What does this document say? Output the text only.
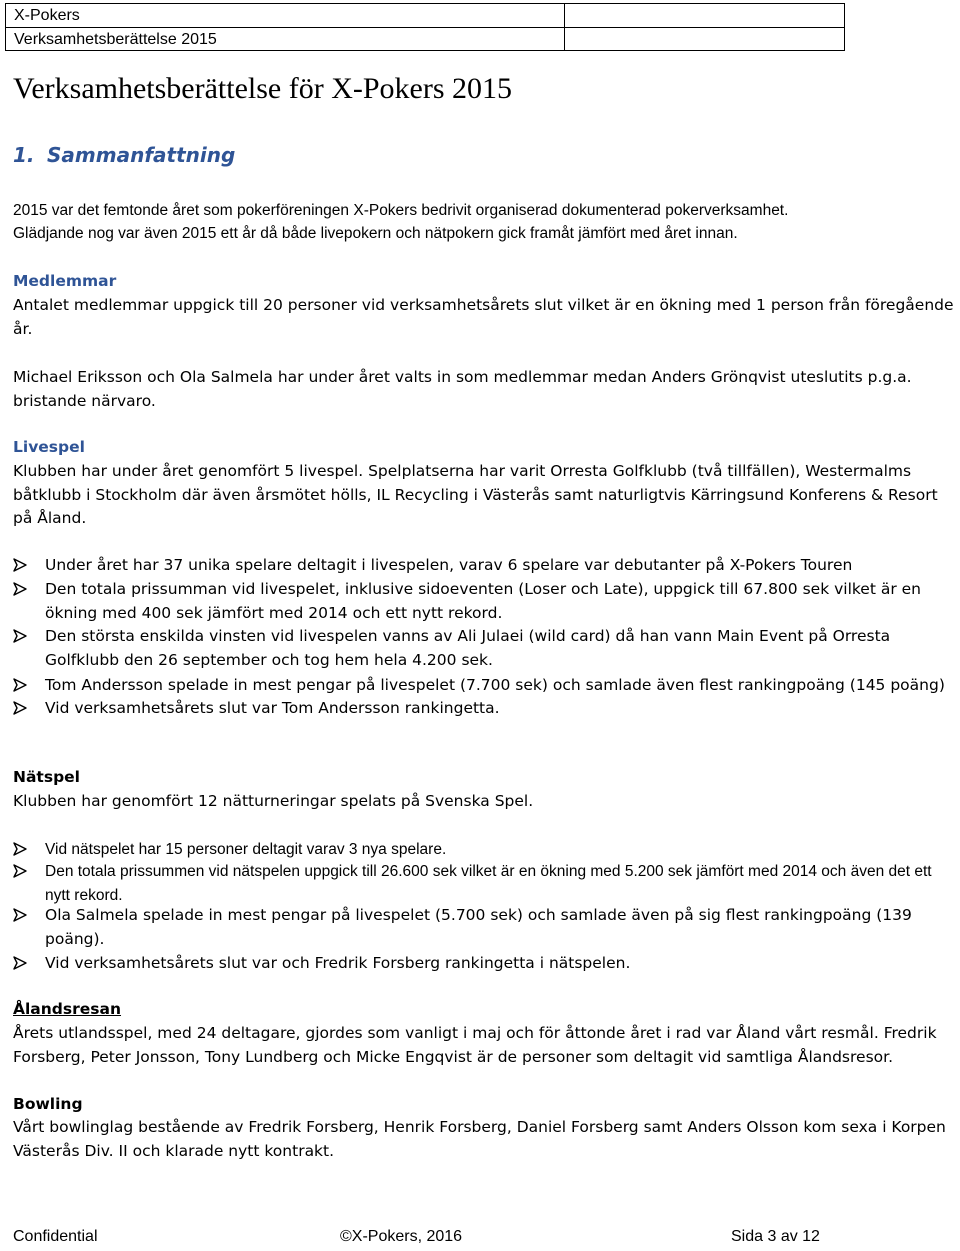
X-Pokers
Verksamhetsberättelse 2015
Verksamhetsberättelse för X-Pokers 2015
1. Sammanfattning
2015 var det femtonde året som pokerföreningen X-Pokers bedrivit organiserad dokumenterad pokerverksamhet.
Glädjande nog var även 2015 ett år då både livepokern och nätpokern gick framåt jämfört med året innan.
Medlemmar
Antalet medlemmar uppgick till 20 personer vid verksamhetsårets slut vilket är en ökning med 1 person från föregående år.
Michael Eriksson och Ola Salmela har under året valts in som medlemmar medan Anders Grönqvist uteslutits p.g.a. bristande närvaro.
Livespel
Klubben har under året genomfört 5 livespel. Spelplatserna har varit Orresta Golfklubb (två tillfällen), Westermalms båtklubb i Stockholm där även årsmötet hölls, IL Recycling i Västerås samt naturligtvis Kärringsund Konferens & Resort på Åland.
Under året har 37 unika spelare deltagit i livespelen, varav 6 spelare var debutanter på X-Pokers Touren
Den totala prissumman vid livespelet, inklusive sidoeventen (Loser och Late), uppgick till 67.800 sek vilket är en ökning med 400 sek jämfört med 2014 och ett nytt rekord.
Den största enskilda vinsten vid livespelen vanns av Ali Julaei (wild card) då han vann Main Event på Orresta Golfklubb den 26 september och tog hem hela 4.200 sek.
Tom Andersson spelade in mest pengar på livespelet (7.700 sek) och samlade även flest rankingpoäng (145 poäng)
Vid verksamhetsårets slut var Tom Andersson rankingetta.
Nätspel
Klubben har genomfört 12 nätturneringar spelats på Svenska Spel.
Vid nätspelet har 15 personer deltagit varav 3 nya spelare.
Den totala prissummen vid nätspelen uppgick till 26.600 sek vilket är en ökning med 5.200 sek jämfört med 2014 och även det ett nytt rekord.
Ola Salmela spelade in mest pengar på livespelet (5.700 sek) och samlade även på sig flest rankingpoäng (139 poäng).
Vid verksamhetsårets slut var och Fredrik Forsberg rankingetta i nätspelen.
Ålandsresan
Årets utlandsspel, med 24 deltagare, gjordes som vanligt i maj och för åttonde året i rad var Åland vårt resmål. Fredrik Forsberg, Peter Jonsson, Tony Lundberg och Micke Engqvist är de personer som deltagit vid samtliga Ålandsresor.
Bowling
Vårt bowlinglag bestående av Fredrik Forsberg, Henrik Forsberg, Daniel Forsberg samt Anders Olsson kom sexa i Korpen Västerås Div. II och klarade nytt kontrakt.
Confidential	©X-Pokers, 2016	Sida 3 av 12
